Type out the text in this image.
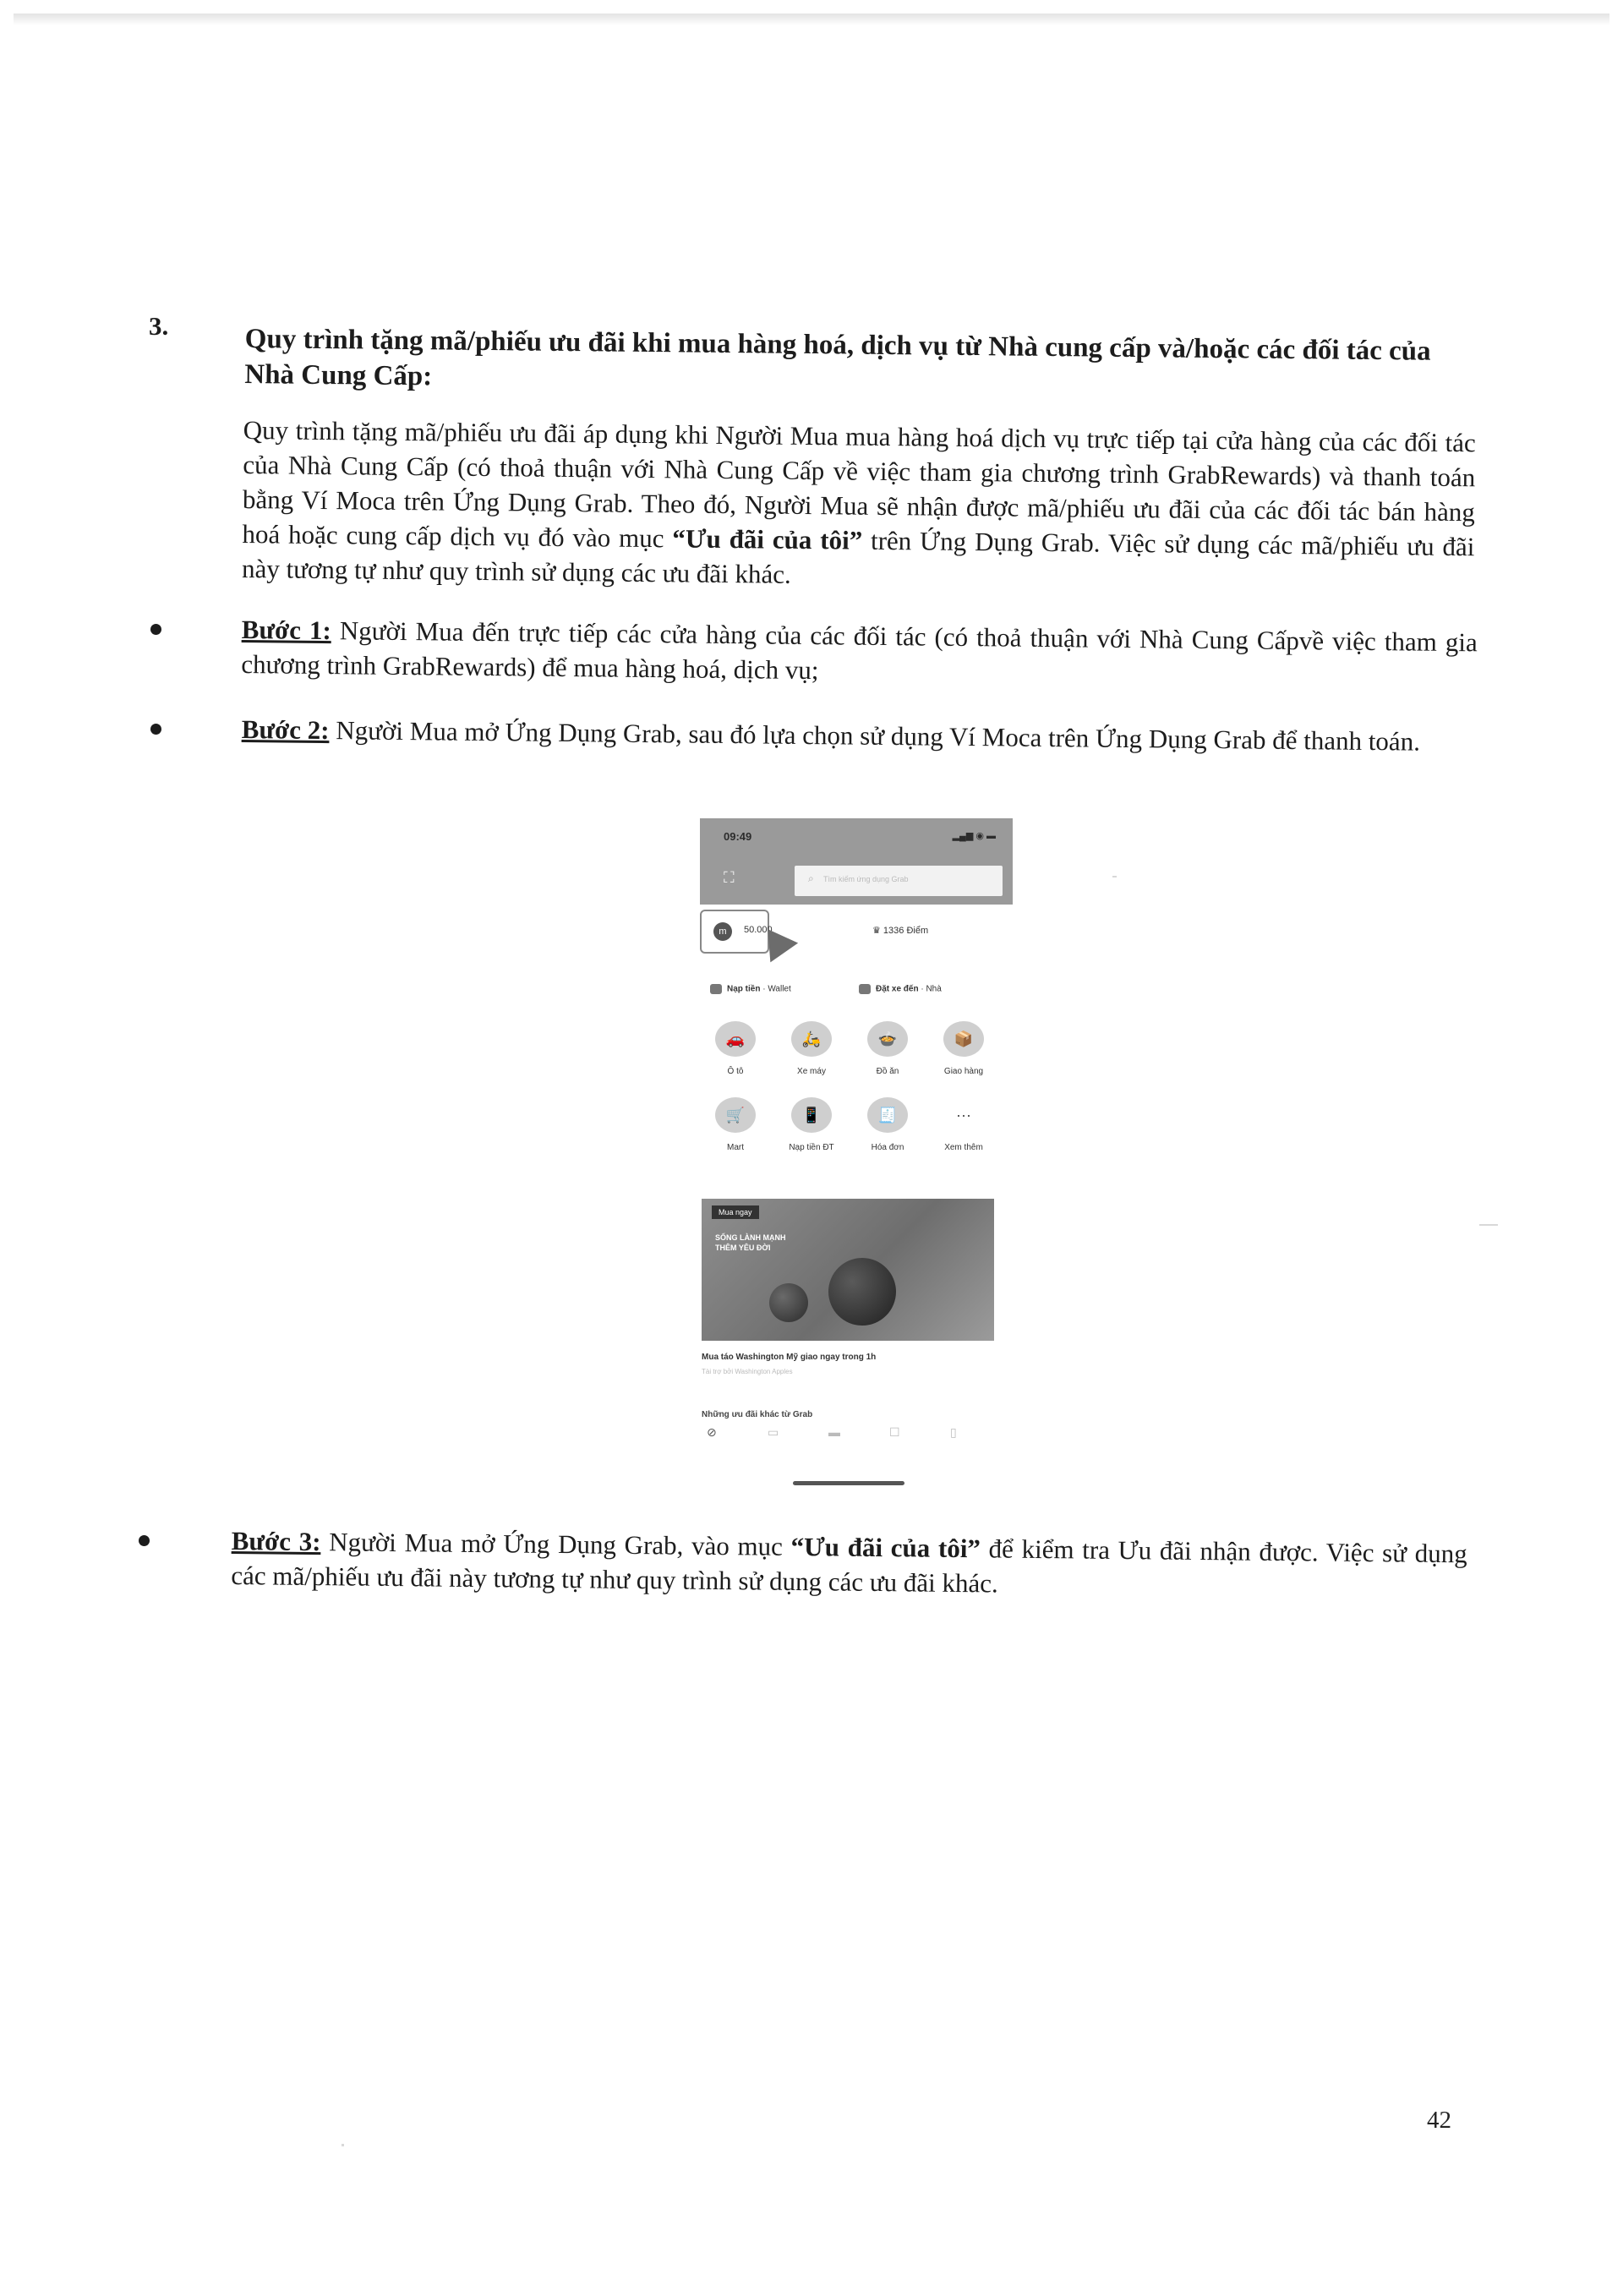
3.	Quy trình tặng mã/phiếu ưu đãi khi mua hàng hoá, dịch vụ từ Nhà cung cấp và/hoặc các đối tác của Nhà Cung Cấp:
Quy trình tặng mã/phiếu ưu đãi áp dụng khi Người Mua mua hàng hoá dịch vụ trực tiếp tại cửa hàng của các đối tác của Nhà Cung Cấp (có thoả thuận với Nhà Cung Cấp về việc tham gia chương trình GrabRewards) và thanh toán bằng Ví Moca trên Ứng Dụng Grab. Theo đó, Người Mua sẽ nhận được mã/phiếu ưu đãi của các đối tác bán hàng hoá hoặc cung cấp dịch vụ đó vào mục “Ưu đãi của tôi” trên Ứng Dụng Grab. Việc sử dụng các mã/phiếu ưu đãi này tương tự như quy trình sử dụng các ưu đãi khác.
Bước 1: Người Mua đến trực tiếp các cửa hàng của các đối tác (có thoả thuận với Nhà Cung Cấpvề việc tham gia chương trình GrabRewards) để mua hàng hoá, dịch vụ;
Bước 2: Người Mua mở Ứng Dụng Grab, sau đó lựa chọn sử dụng Ví Moca trên Ứng Dụng Grab để thanh toán.
09:49	▂▄▆ ◉ ▬
⛶	⌕ Tìm kiếm ứng dụng Grab
m	50.000	♛ 1336 Điểm
Nạp tiền · Wallet	Đặt xe đến · Nhà
🚗
Ô tô
🛵
Xe máy
🍲
Đồ ăn
📦
Giao hàng
🛒
Mart
📱
Nạp tiền ĐT
🧾
Hóa đơn
···
Xem thêm
Mua ngay
SỐNG LÀNH MẠNH
THÊM YÊU ĐỜI
Mua táo Washington Mỹ giao ngay trong 1h
Tài trợ bởi Washington Apples
Những ưu đãi khác từ Grab
⊘	▭	▬	☐	▯
Bước 3: Người Mua mở Ứng Dụng Grab, vào mục “Ưu đãi của tôi” để kiểm tra Ưu đãi nhận được. Việc sử dụng các mã/phiếu ưu đãi này tương tự như quy trình sử dụng các ưu đãi khác.
42
